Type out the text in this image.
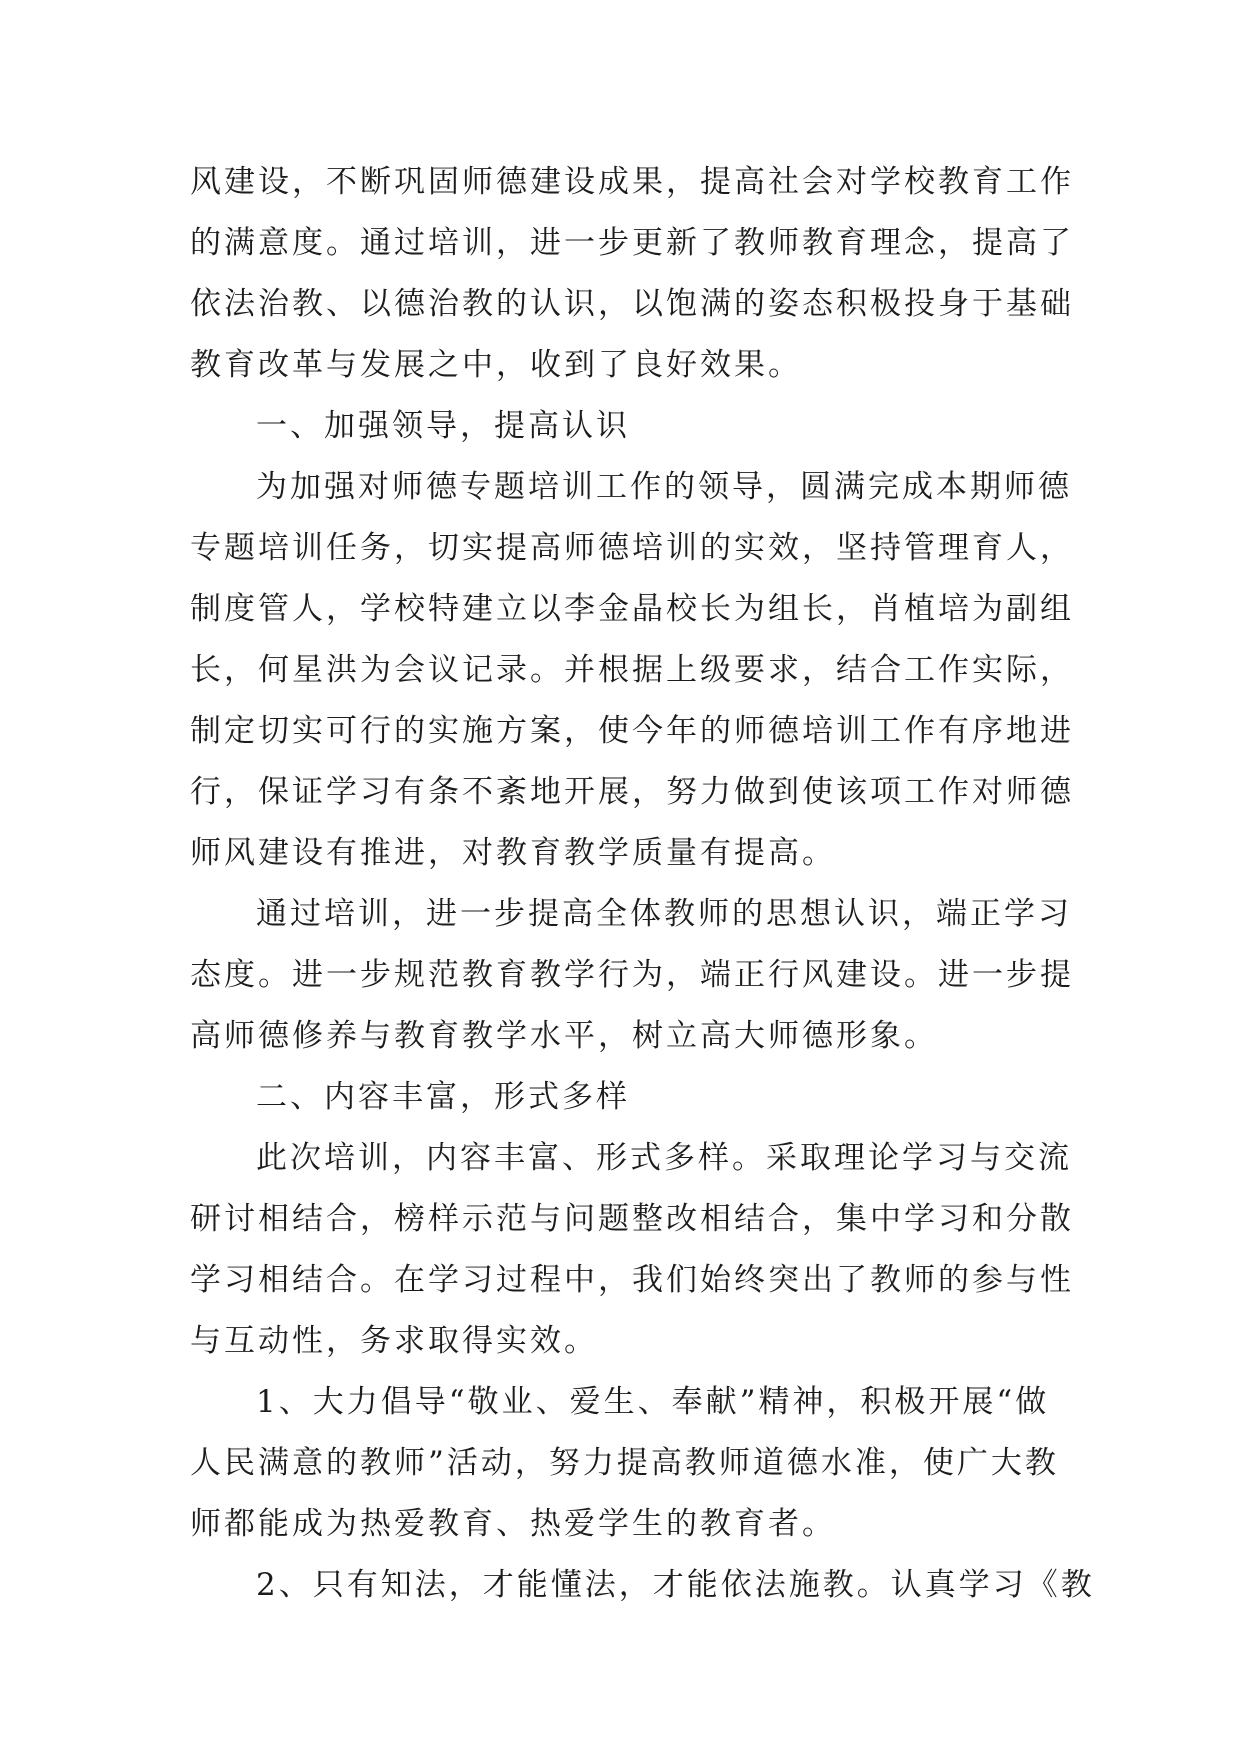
风建设，不断巩固师德建设成果，提高社会对学校教育工作
的满意度。通过培训，进一步更新了教师教育理念，提高了
依法治教、以德治教的认识，以饱满的姿态积极投身于基础
教育改革与发展之中，收到了良好效果。
一、加强领导，提高认识
为加强对师德专题培训工作的领导，圆满完成本期师德
专题培训任务，切实提高师德培训的实效，坚持管理育人，
制度管人，学校特建立以李金晶校长为组长，肖植培为副组
长，何星洪为会议记录。并根据上级要求，结合工作实际，
制定切实可行的实施方案，使今年的师德培训工作有序地进
行，保证学习有条不紊地开展，努力做到使该项工作对师德
师风建设有推进，对教育教学质量有提高。
通过培训，进一步提高全体教师的思想认识，端正学习
态度。进一步规范教育教学行为，端正行风建设。进一步提
高师德修养与教育教学水平，树立高大师德形象。
二、内容丰富，形式多样
此次培训，内容丰富、形式多样。采取理论学习与交流
研讨相结合，榜样示范与问题整改相结合，集中学习和分散
学习相结合。在学习过程中，我们始终突出了教师的参与性
与互动性，务求取得实效。
1、大力倡导“敬业、爱生、奉献”精神，积极开展“做
人民满意的教师”活动，努力提高教师道德水准，使广大教
师都能成为热爱教育、热爱学生的教育者。
2、只有知法，才能懂法，才能依法施教。认真学习《教
